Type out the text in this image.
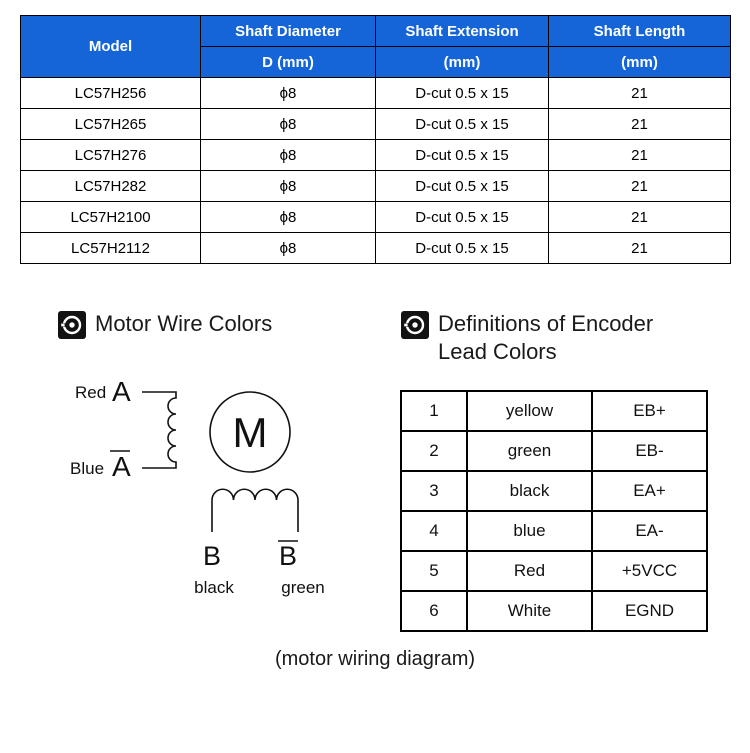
Model	Shaft Diameter	Shaft Extension	Shaft Length
	D (mm)	(mm)	(mm)
LC57H256	ϕ8	D-cut 0.5 x 15	21
LC57H265	ϕ8	D-cut 0.5 x 15	21
LC57H276	ϕ8	D-cut 0.5 x 15	21
LC57H282	ϕ8	D-cut 0.5 x 15	21
LC57H2100	ϕ8	D-cut 0.5 x 15	21
LC57H2112	ϕ8	D-cut 0.5 x 15	21
Motor Wire Colors	Definitions of Encoder
Lead Colors
M
Red A
Blue A
B B
black	green
1	yellow	EB+
2	green	EB-
3	black	EA+
4	blue	EA-
5	Red	+5VCC
6	White	EGND
(motor wiring diagram)
